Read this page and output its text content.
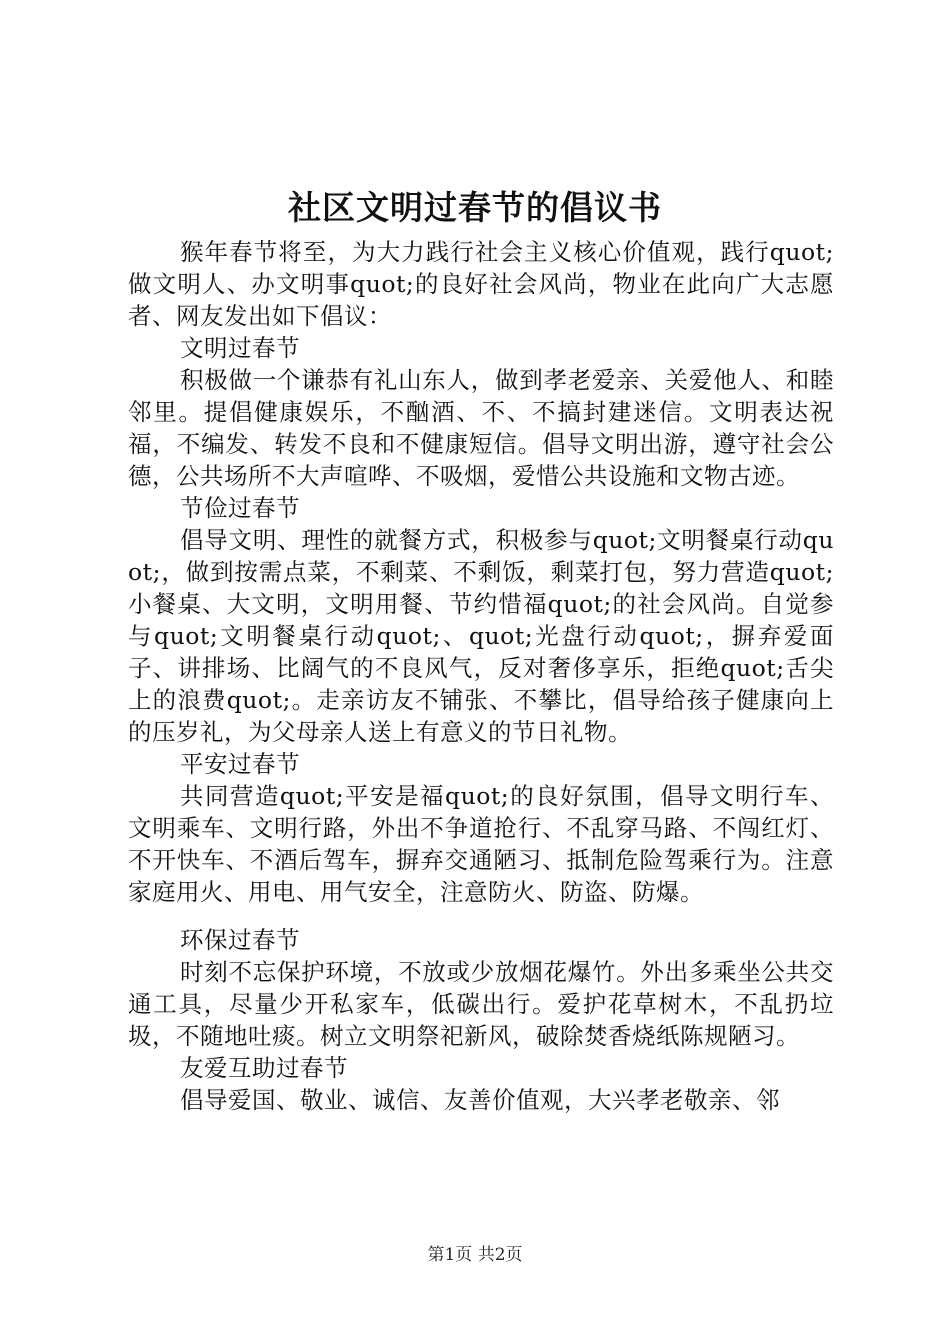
社区文明过春节的倡议书

猴年春节将至，为大力践行社会主义核心价值观，践行quot;做文明人、办文明事quot;的良好社会风尚，物业在此向广大志愿者、网友发出如下倡议：

文明过春节

积极做一个谦恭有礼山东人，做到孝老爱亲、关爱他人、和睦邻里。提倡健康娱乐，不酗酒、不、不搞封建迷信。文明表达祝福，不编发、转发不良和不健康短信。倡导文明出游，遵守社会公德，公共场所不大声喧哗、不吸烟，爱惜公共设施和文物古迹。

节俭过春节

倡导文明、理性的就餐方式，积极参与quot;文明餐桌行动quot;，做到按需点菜，不剩菜、不剩饭，剩菜打包，努力营造quot;小餐桌、大文明，文明用餐、节约惜福quot;的社会风尚。自觉参与quot;文明餐桌行动quot;、quot;光盘行动quot;，摒弃爱面子、讲排场、比阔气的不良风气，反对奢侈享乐，拒绝quot;舌尖上的浪费quot;。走亲访友不铺张、不攀比，倡导给孩子健康向上的压岁礼，为父母亲人送上有意义的节日礼物。

平安过春节

共同营造quot;平安是福quot;的良好氛围，倡导文明行车、文明乘车、文明行路，外出不争道抢行、不乱穿马路、不闯红灯、不开快车、不酒后驾车，摒弃交通陋习、抵制危险驾乘行为。注意家庭用火、用电、用气安全，注意防火、防盗、防爆。

环保过春节

时刻不忘保护环境，不放或少放烟花爆竹。外出多乘坐公共交通工具，尽量少开私家车，低碳出行。爱护花草树木，不乱扔垃圾，不随地吐痰。树立文明祭祀新风，破除焚香烧纸陈规陋习。

友爱互助过春节

倡导爱国、敬业、诚信、友善价值观，大兴孝老敬亲、邻

第1页 共2页
